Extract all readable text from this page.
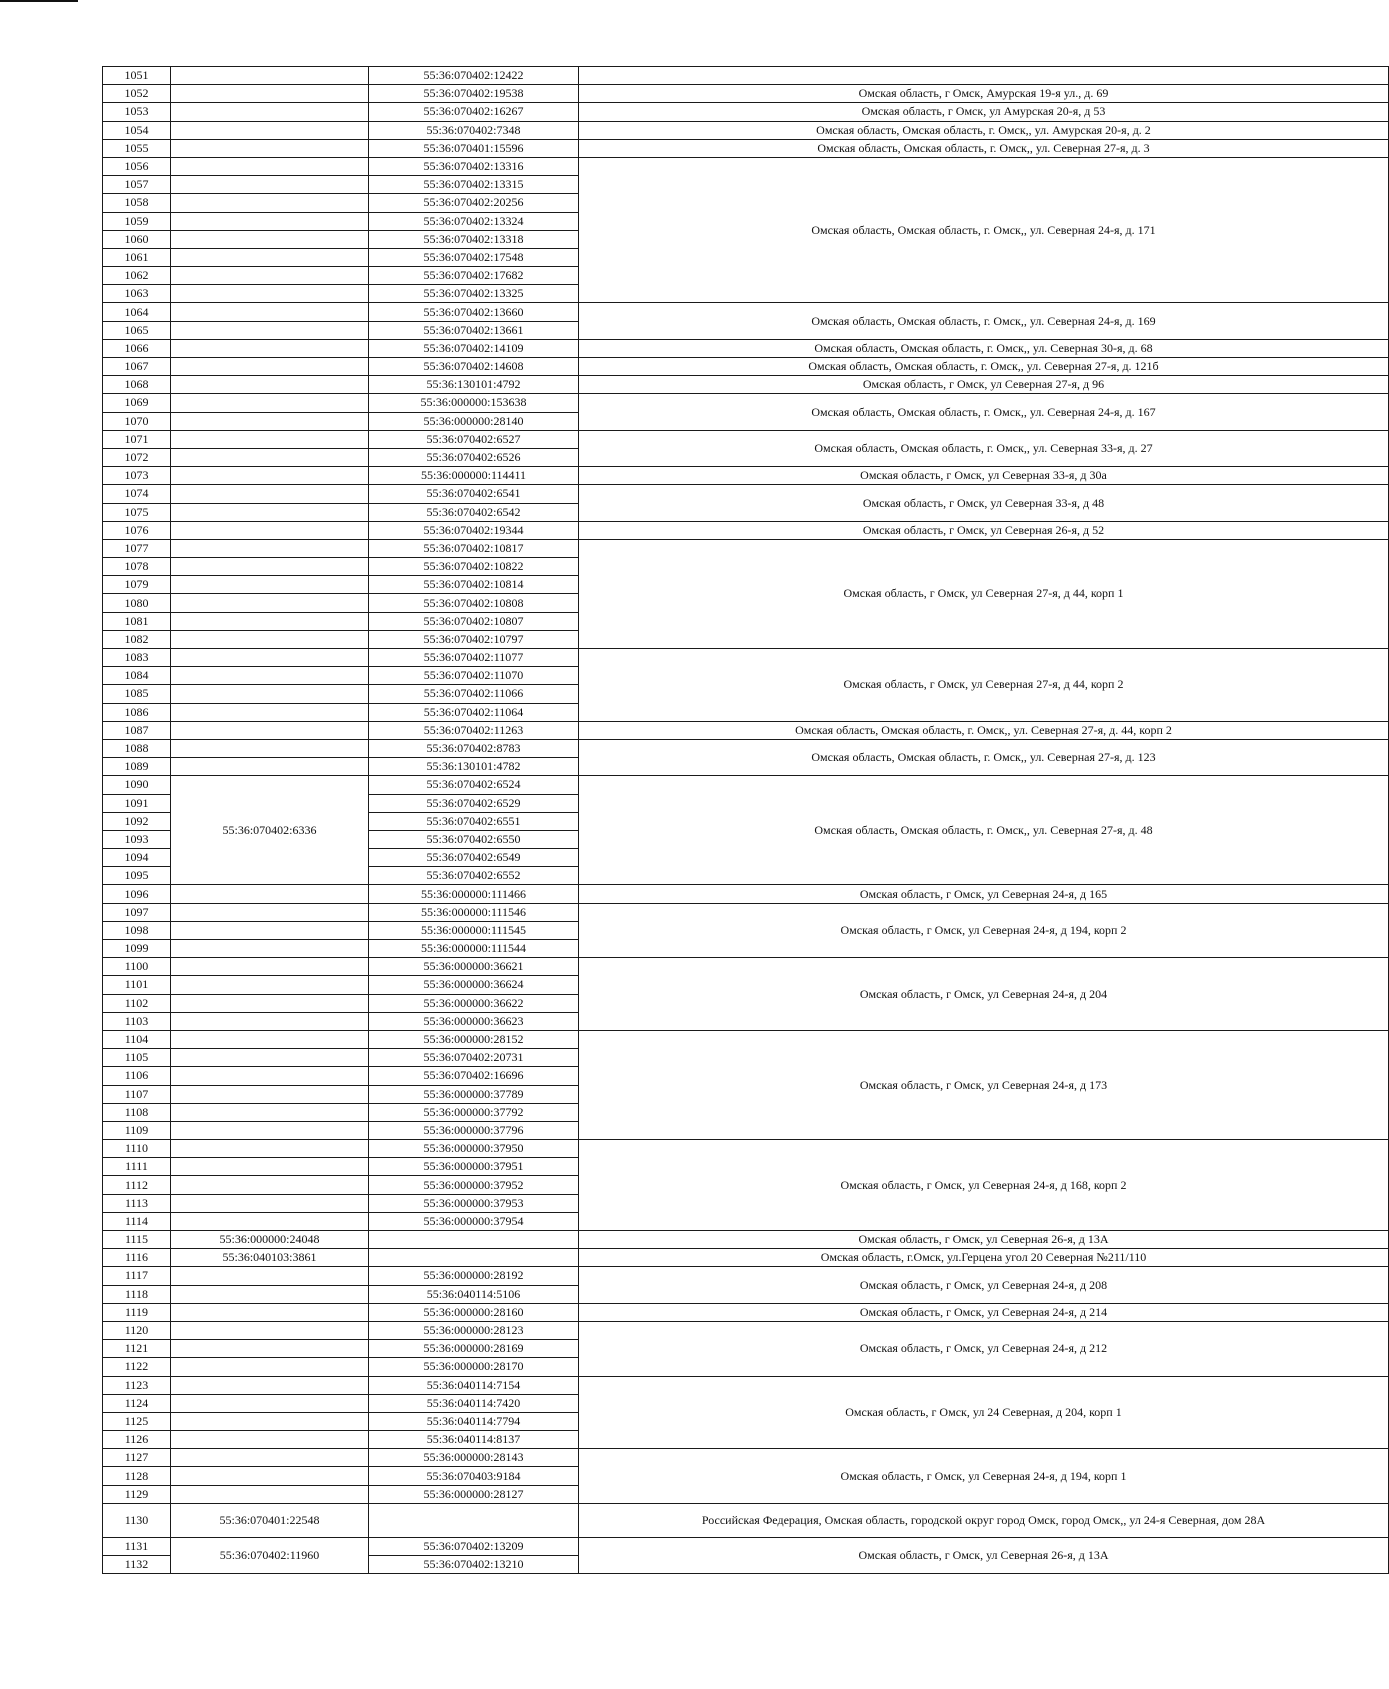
1051		55:36:070402:12422	
1052		55:36:070402:19538	Омская область, г Омск, Амурская 19-я ул., д. 69
1053		55:36:070402:16267	Омская область, г Омск, ул Амурская 20-я, д 53
1054		55:36:070402:7348	Омская область, Омская область, г. Омск,, ул. Амурская 20-я, д. 2
1055		55:36:070401:15596	Омская область, Омская область, г. Омск,, ул. Северная 27-я, д. 3
1056		55:36:070402:13316	Омская область, Омская область, г. Омск,, ул. Северная 24-я, д. 171
1057		55:36:070402:13315	
1058		55:36:070402:20256	
1059		55:36:070402:13324	
1060		55:36:070402:13318	
1061		55:36:070402:17548	
1062		55:36:070402:17682	
1063		55:36:070402:13325	
1064		55:36:070402:13660	Омская область, Омская область, г. Омск,, ул. Северная 24-я, д. 169
1065		55:36:070402:13661	
1066		55:36:070402:14109	Омская область, Омская область, г. Омск,, ул. Северная 30-я, д. 68
1067		55:36:070402:14608	Омская область, Омская область, г. Омск,, ул. Северная 27-я, д. 121б
1068		55:36:130101:4792	Омская область, г Омск, ул Северная 27-я, д 96
1069		55:36:000000:153638	Омская область, Омская область, г. Омск,, ул. Северная 24-я, д. 167
1070		55:36:000000:28140	
1071		55:36:070402:6527	Омская область, Омская область, г. Омск,, ул. Северная 33-я, д. 27
1072		55:36:070402:6526	
1073		55:36:000000:114411	Омская область, г Омск, ул Северная 33-я, д 30а
1074		55:36:070402:6541	Омская область, г Омск, ул Северная 33-я, д 48
1075		55:36:070402:6542	
1076		55:36:070402:19344	Омская область, г Омск, ул Северная 26-я, д 52
1077		55:36:070402:10817	Омская область, г Омск, ул Северная 27-я, д 44, корп 1
1078		55:36:070402:10822	
1079		55:36:070402:10814	
1080		55:36:070402:10808	
1081		55:36:070402:10807	
1082		55:36:070402:10797	
1083		55:36:070402:11077	Омская область, г Омск, ул Северная 27-я, д 44, корп 2
1084		55:36:070402:11070	
1085		55:36:070402:11066	
1086		55:36:070402:11064	
1087		55:36:070402:11263	Омская область, Омская область, г. Омск,, ул. Северная 27-я, д. 44, корп 2
1088		55:36:070402:8783	Омская область, Омская область, г. Омск,, ул. Северная 27-я, д. 123
1089		55:36:130101:4782	
1090	55:36:070402:6336	55:36:070402:6524	Омская область, Омская область, г. Омск,, ул. Северная 27-я, д. 48
1091		55:36:070402:6529	
1092		55:36:070402:6551	
1093		55:36:070402:6550	
1094		55:36:070402:6549	
1095		55:36:070402:6552	
1096		55:36:000000:111466	Омская область, г Омск, ул Северная 24-я, д 165
1097		55:36:000000:111546	Омская область, г Омск, ул Северная 24-я, д 194, корп 2
1098		55:36:000000:111545	
1099		55:36:000000:111544	
1100		55:36:000000:36621	Омская область, г Омск, ул Северная 24-я, д 204
1101		55:36:000000:36624	
1102		55:36:000000:36622	
1103		55:36:000000:36623	
1104		55:36:000000:28152	Омская область, г Омск, ул Северная 24-я, д 173
1105		55:36:070402:20731	
1106		55:36:070402:16696	
1107		55:36:000000:37789	
1108		55:36:000000:37792	
1109		55:36:000000:37796	
1110		55:36:000000:37950	Омская область, г Омск, ул Северная 24-я, д 168, корп 2
1111		55:36:000000:37951	
1112		55:36:000000:37952	
1113		55:36:000000:37953	
1114		55:36:000000:37954	
1115	55:36:000000:24048		Омская область, г Омск, ул Северная 26-я, д 13А
1116	55:36:040103:3861		Омская область, г.Омск, ул.Герцена угол 20 Северная №211/110
1117		55:36:000000:28192	Омская область, г Омск, ул Северная 24-я, д 208
1118		55:36:040114:5106	
1119		55:36:000000:28160	Омская область, г Омск, ул Северная 24-я, д 214
1120		55:36:000000:28123	Омская область, г Омск, ул Северная 24-я, д 212
1121		55:36:000000:28169	
1122		55:36:000000:28170	
1123		55:36:040114:7154	Омская область, г Омск, ул 24 Северная, д 204, корп 1
1124		55:36:040114:7420	
1125		55:36:040114:7794	
1126		55:36:040114:8137	
1127		55:36:000000:28143	Омская область, г Омск, ул Северная 24-я, д 194, корп 1
1128		55:36:070403:9184	
1129		55:36:000000:28127	
1130	55:36:070401:22548		Российская Федерация, Омская область, городской округ город Омск, город Омск,, ул 24-я Северная, дом 28А
1131	55:36:070402:11960	55:36:070402:13209	Омская область, г Омск, ул Северная 26-я, д 13А
1132		55:36:070402:13210	
